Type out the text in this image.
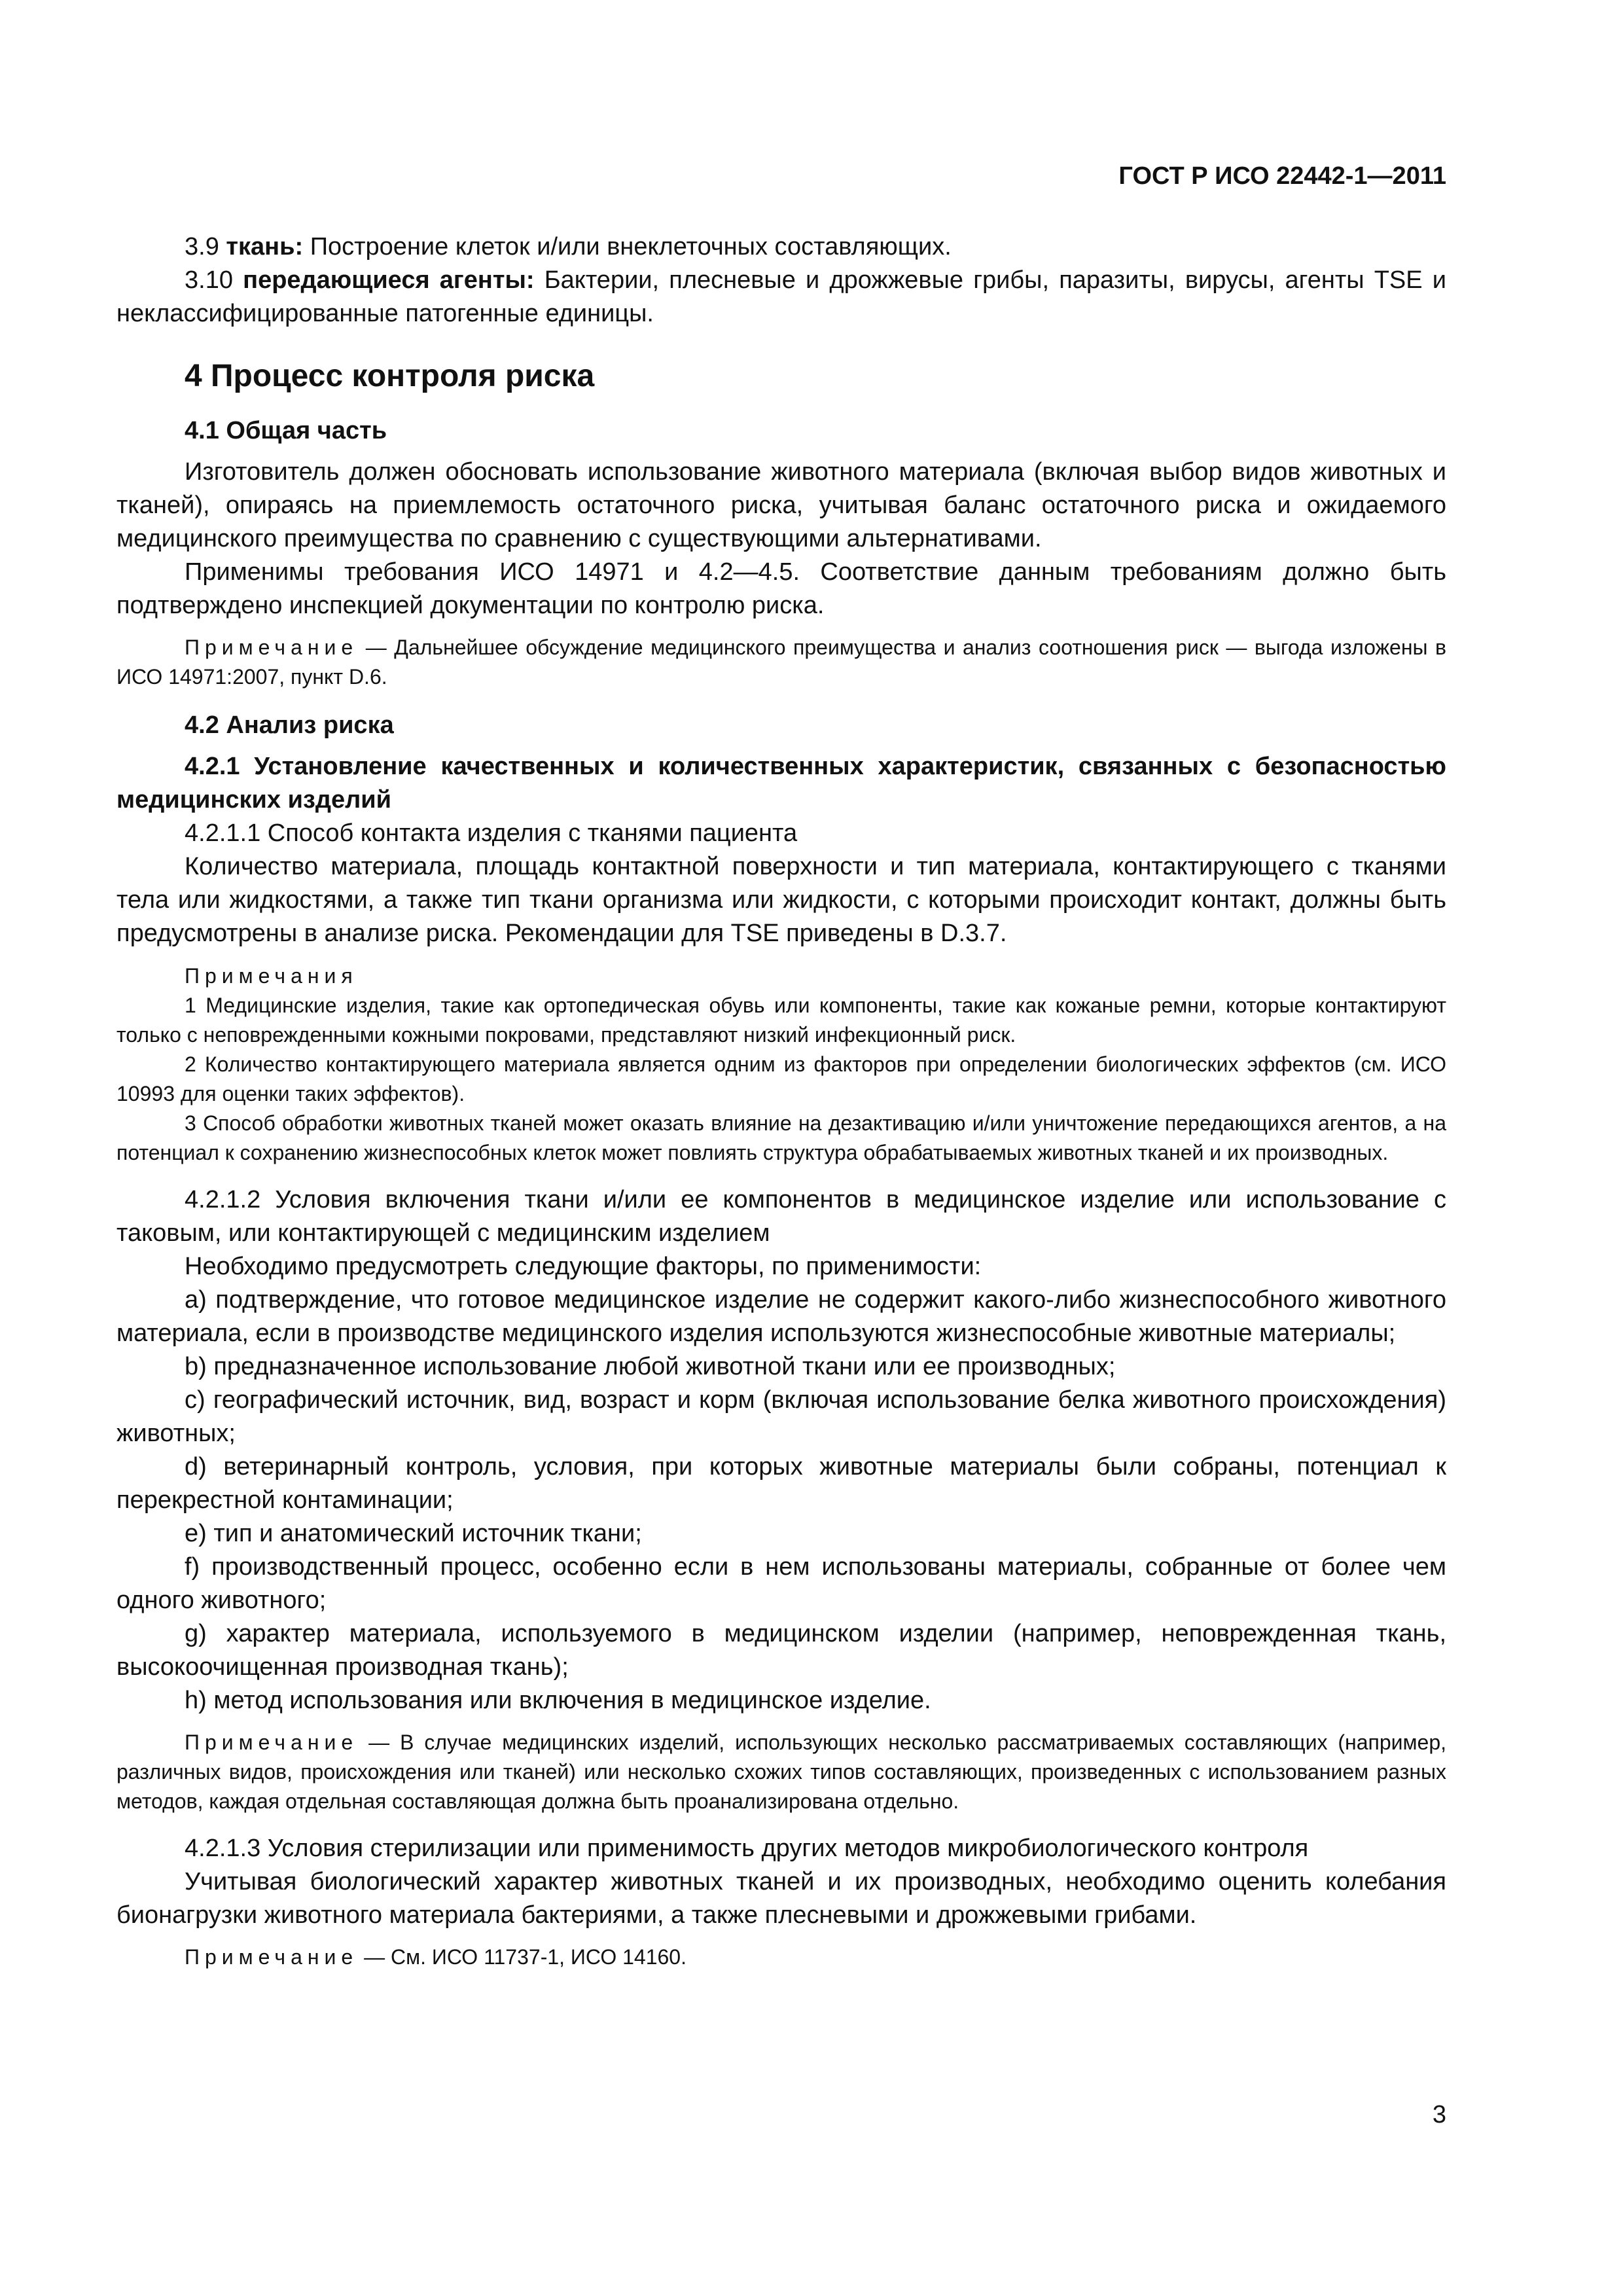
ГОСТ Р ИСО 22442-1—2011

3.9 ткань: Построение клеток и/или внеклеточных составляющих.

3.10 передающиеся агенты: Бактерии, плесневые и дрожжевые грибы, паразиты, вирусы, агенты TSE и неклассифицированные патогенные единицы.

4 Процесс контроля риска
4.1 Общая часть

Изготовитель должен обосновать использование животного материала (включая выбор видов животных и тканей), опираясь на приемлемость остаточного риска, учитывая баланс остаточного риска и ожидаемого медицинского преимущества по сравнению с существующими альтернативами.

Применимы требования ИСО 14971 и 4.2—4.5. Соответствие данным требованиям должно быть подтверждено инспекцией документации по контролю риска.

Примечание — Дальнейшее обсуждение медицинского преимущества и анализ соотношения риск — выгода изложены в ИСО 14971:2007, пункт D.6.

4.2 Анализ риска

4.2.1 Установление качественных и количественных характеристик, связанных с безопасностью медицинских изделий

4.2.1.1 Способ контакта изделия с тканями пациента

Количество материала, площадь контактной поверхности и тип материала, контактирующего с тканями тела или жидкостями, а также тип ткани организма или жидкости, с которыми происходит контакт, должны быть предусмотрены в анализе риска. Рекомендации для TSE приведены в D.3.7.

Примечания

1 Медицинские изделия, такие как ортопедическая обувь или компоненты, такие как кожаные ремни, которые контактируют только с неповрежденными кожными покровами, представляют низкий инфекционный риск.

2 Количество контактирующего материала является одним из факторов при определении биологических эффектов (см. ИСО 10993 для оценки таких эффектов).

3 Способ обработки животных тканей может оказать влияние на дезактивацию и/или уничтожение передающихся агентов, а на потенциал к сохранению жизнеспособных клеток может повлиять структура обрабатываемых животных тканей и их производных.

4.2.1.2 Условия включения ткани и/или ее компонентов в медицинское изделие или использование с таковым, или контактирующей с медицинским изделием

Необходимо предусмотреть следующие факторы, по применимости:

a) подтверждение, что готовое медицинское изделие не содержит какого-либо жизнеспособного животного материала, если в производстве медицинского изделия используются жизнеспособные животные материалы;

b) предназначенное использование любой животной ткани или ее производных;

c) географический источник, вид, возраст и корм (включая использование белка животного происхождения) животных;

d) ветеринарный контроль, условия, при которых животные материалы были собраны, потенциал к перекрестной контаминации;

e) тип и анатомический источник ткани;

f) производственный процесс, особенно если в нем использованы материалы, собранные от более чем одного животного;

g) характер материала, используемого в медицинском изделии (например, неповрежденная ткань, высокоочищенная производная ткань);

h) метод использования или включения в медицинское изделие.

Примечание — В случае медицинских изделий, использующих несколько рассматриваемых составляющих (например, различных видов, происхождения или тканей) или несколько схожих типов составляющих, произведенных с использованием разных методов, каждая отдельная составляющая должна быть проанализирована отдельно.

4.2.1.3 Условия стерилизации или применимость других методов микробиологического контроля

Учитывая биологический характер животных тканей и их производных, необходимо оценить колебания бионагрузки животного материала бактериями, а также плесневыми и дрожжевыми грибами.

Примечание — См. ИСО 11737-1, ИСО 14160.

3
